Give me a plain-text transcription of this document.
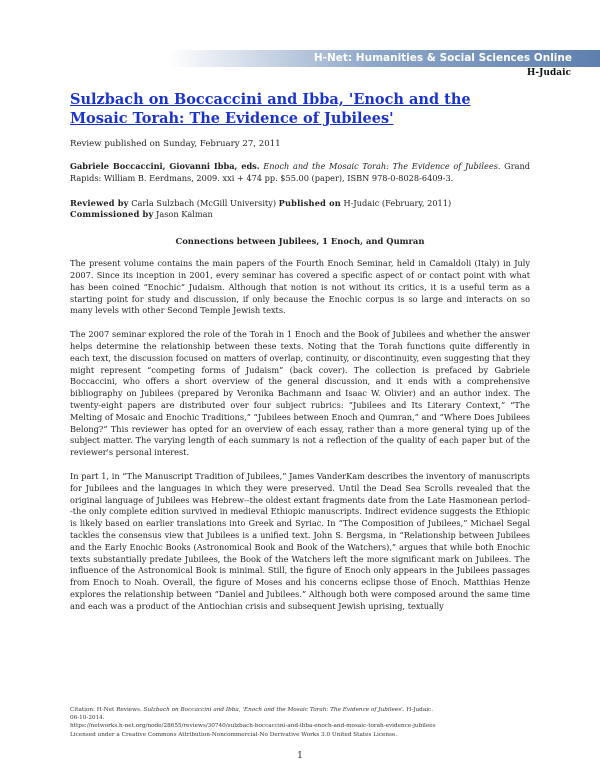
H-Net: Humanities & Social Sciences Online
H-Judaic
Sulzbach on Boccaccini and Ibba, 'Enoch and the Mosaic Torah: The Evidence of Jubilees'
Review published on Sunday, February 27, 2011

Gabriele Boccaccini, Giovanni Ibba, eds. Enoch and the Mosaic Torah: The Evidence of Jubilees. Grand Rapids: William B. Eerdmans, 2009. xxi + 474 pp. $55.00 (paper), ISBN 978-0-8028-6409-3.

Reviewed by Carla Sulzbach (McGill University) Published on H-Judaic (February, 2011)
Commissioned by Jason Kalman

Connections between Jubilees, 1 Enoch, and Qumran

The present volume contains the main papers of the Fourth Enoch Seminar, held in Camaldoli (Italy) in July 2007. Since its inception in 2001, every seminar has covered a specific aspect of or contact point with what has been coined “Enochic” Judaism. Although that notion is not without its critics, it is a useful term as a starting point for study and discussion, if only because the Enochic corpus is so large and interacts on so many levels with other Second Temple Jewish texts.

The 2007 seminar explored the role of the Torah in 1 Enoch and the Book of Jubilees and whether the answer helps determine the relationship between these texts. Noting that the Torah functions quite differently in each text, the discussion focused on matters of overlap, continuity, or discontinuity, even suggesting that they might represent “competing forms of Judaism” (back cover). The collection is prefaced by Gabriele Boccaccini, who offers a short overview of the general discussion, and it ends with a comprehensive bibliography on Jubilees (prepared by Veronika Bachmann and Isaac W. Olivier) and an author index. The twenty-eight papers are distributed over four subject rubrics: “Jubilees and Its Literary Context,” “The Melting of Mosaic and Enochic Traditions,” “Jubilees between Enoch and Qumran,” and “Where Does Jubilees Belong?” This reviewer has opted for an overview of each essay, rather than a more general tying up of the subject matter. The varying length of each summary is not a reflection of the quality of each paper but of the reviewer's personal interest.

In part 1, in “The Manuscript Tradition of Jubilees,” James VanderKam describes the inventory of manuscripts for Jubilees and the languages in which they were preserved. Until the Dead Sea Scrolls revealed that the original language of Jubilees was Hebrew--the oldest extant fragments date from the Late Hasmonean period--the only complete edition survived in medieval Ethiopic manuscripts. Indirect evidence suggests the Ethiopic is likely based on earlier translations into Greek and Syriac. In “The Composition of Jubilees,” Michael Segal tackles the consensus view that Jubilees is a unified text. John S. Bergsma, in “Relationship between Jubilees and the Early Enochic Books (Astronomical Book and Book of the Watchers),” argues that while both Enochic texts substantially predate Jubilees, the Book of the Watchers left the more significant mark on Jubilees. The influence of the Astronomical Book is minimal. Still, the figure of Enoch only appears in the Jubilees passages from Enoch to Noah. Overall, the figure of Moses and his concerns eclipse those of Enoch. Matthias Henze explores the relationship between “Daniel and Jubilees.” Although both were composed around the same time and each was a product of the Antiochian crisis and subsequent Jewish uprising, textually

Citation: H-Net Reviews. Sulzbach on Boccaccini and Ibba, 'Enoch and the Mosaic Torah: The Evidence of Jubilees'. H-Judaic.
06-10-2014.
https://networks.h-net.org/node/28655/reviews/30740/sulzbach-boccaccini-and-ibba-enoch-and-mosaic-torah-evidence-jubilees
Licensed under a Creative Commons Attribution-Noncommercial-No Derivative Works 3.0 United States License.
1
